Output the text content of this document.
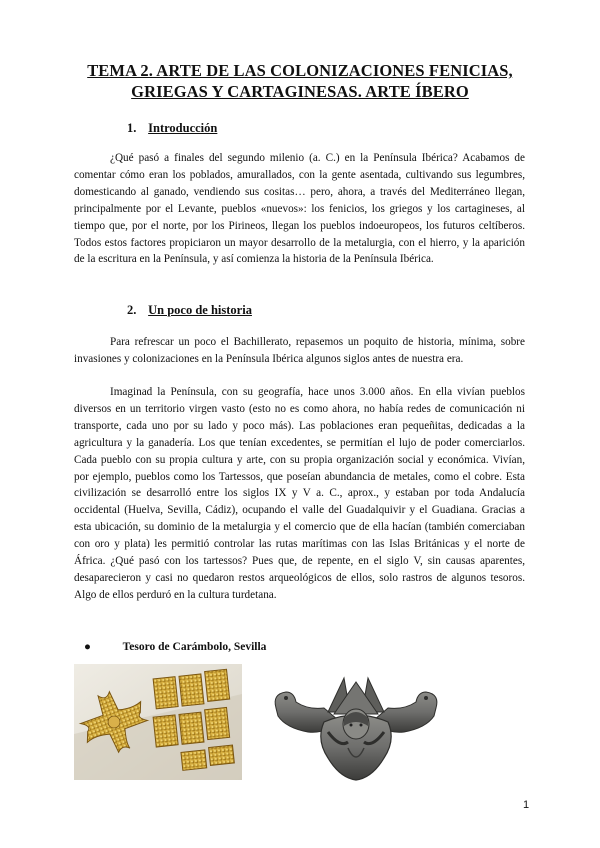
TEMA 2. ARTE DE LAS COLONIZACIONES FENICIAS,
GRIEGAS Y CARTAGINESAS. ARTE ÍBERO
1. Introducción

¿Qué pasó a finales del segundo milenio (a. C.) en la Península Ibérica? Acabamos de comentar cómo eran los poblados, amurallados, con la gente asentada, cultivando sus legumbres, domesticando al ganado, vendiendo sus cositas… pero, ahora, a través del Mediterráneo llegan, principalmente por el Levante, pueblos «nuevos»: los fenicios, los griegos y los cartagineses, al tiempo que, por el norte, por los Pirineos, llegan los pueblos indoeuropeos, los futuros celtíberos. Todos estos factores propiciaron un mayor desarrollo de la metalurgia, con el hierro, y la aparición de la escritura en la Península, y así comienza la historia de la Península Ibérica.

2. Un poco de historia

Para refrescar un poco el Bachillerato, repasemos un poquito de historia, mínima, sobre invasiones y colonizaciones en la Península Ibérica algunos siglos antes de nuestra era.

Imaginad la Península, con su geografía, hace unos 3.000 años. En ella vivían pueblos diversos en un territorio virgen vasto (esto no es como ahora, no había redes de comunicación ni transporte, cada uno por su lado y poco más). Las poblaciones eran pequeñitas, dedicadas a la agricultura y la ganadería. Los que tenían excedentes, se permitían el lujo de poder comerciarlos. Cada pueblo con su propia cultura y arte, con su propia organización social y económica. Vivían, por ejemplo, pueblos como los Tartessos, que poseían abundancia de metales, como el cobre. Esta civilización se desarrolló entre los siglos IX y V a. C., aprox., y estaban por toda Andalucía occidental (Huelva, Sevilla, Cádiz), ocupando el valle del Guadalquivir y el Guadiana. Gracias a esta ubicación, su dominio de la metalurgia y el comercio que de ella hacían (también comerciaban con oro y plata) les permitió controlar las rutas marítimas con las Islas Británicas y el norte de África. ¿Qué pasó con los tartessos? Pues que, de repente, en el siglo V, sin causas aparentes, desaparecieron y casi no quedaron restos arqueológicos de ellos, solo rastros de algunos tesoros. Algo de ellos perduró en la cultura turdetana.

●	Tesoro de Carámbolo, Sevilla
1
